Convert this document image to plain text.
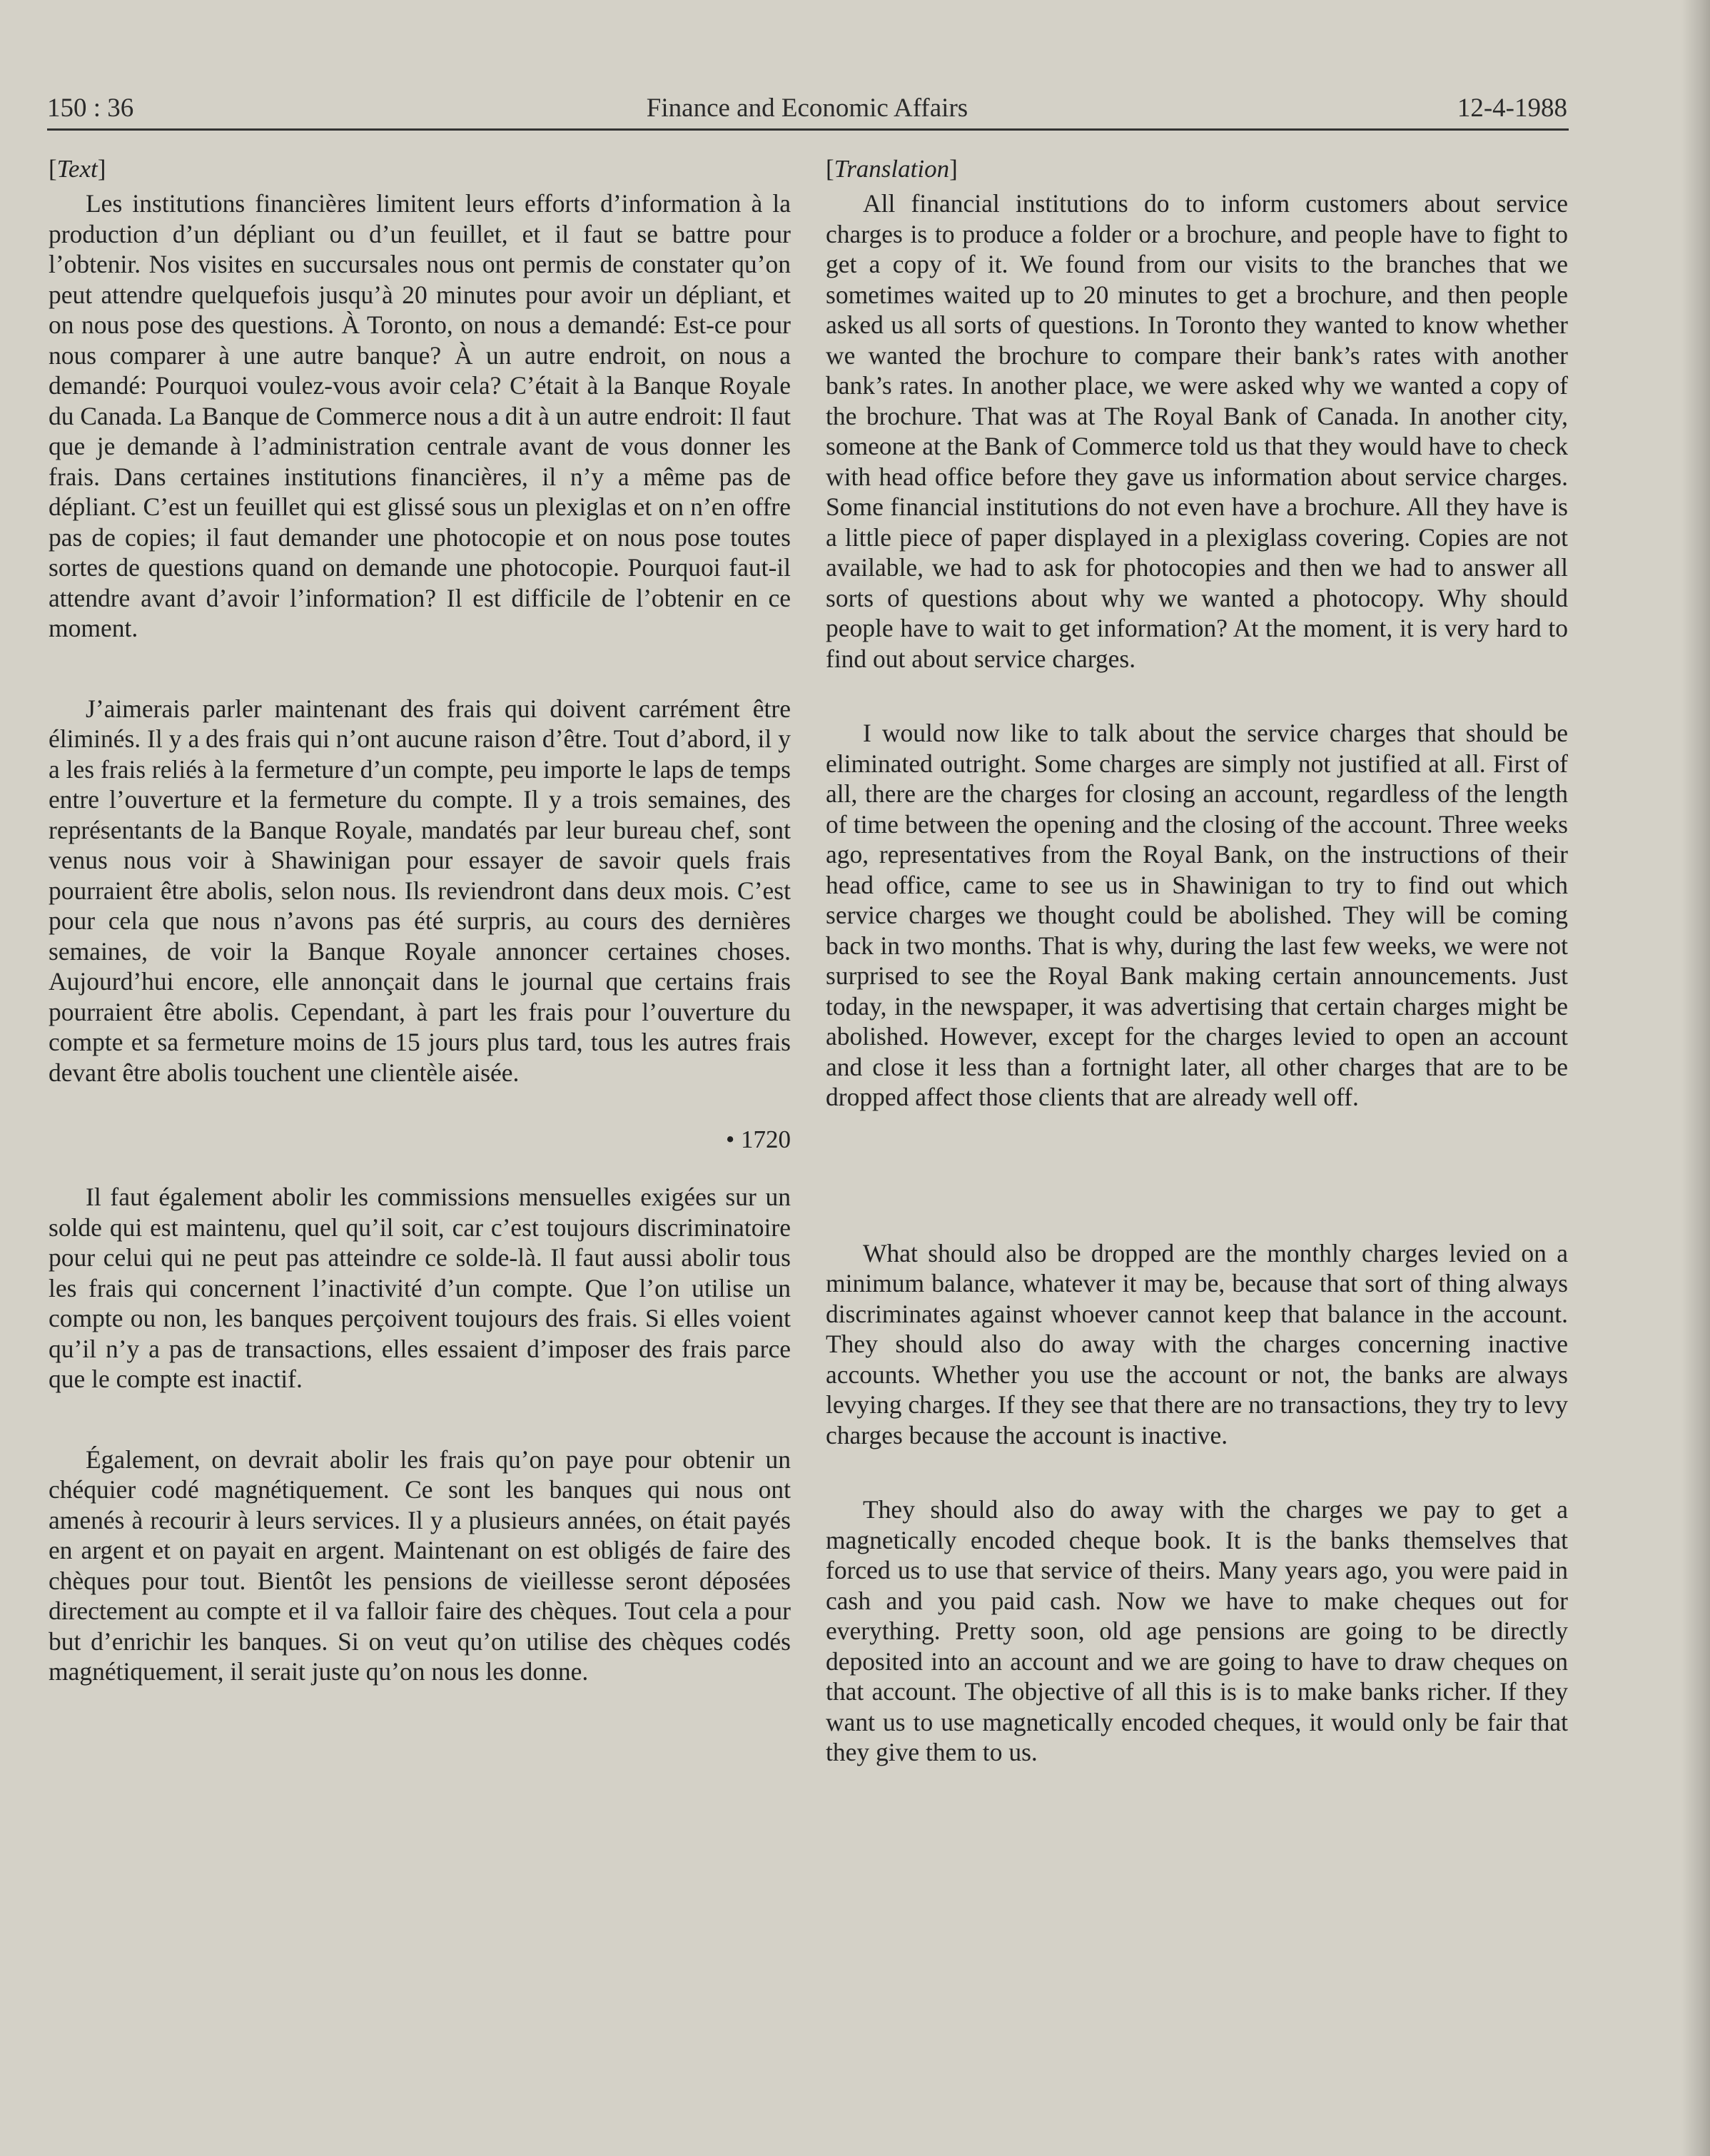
150 : 36	Finance and Economic Affairs	12-4-1988
[Text]

Les institutions financières limitent leurs efforts d’information à la production d’un dépliant ou d’un feuillet, et il faut se battre pour l’obtenir. Nos visites en succursales nous ont permis de constater qu’on peut attendre quelquefois jusqu’à 20 minutes pour avoir un dépliant, et on nous pose des questions. À Toronto, on nous a demandé: Est-ce pour nous comparer à une autre banque? À un autre endroit, on nous a demandé: Pourquoi voulez-vous avoir cela? C’était à la Banque Royale du Canada. La Banque de Commerce nous a dit à un autre endroit: Il faut que je demande à l’administration centrale avant de vous donner les frais. Dans certaines institutions financières, il n’y a même pas de dépliant. C’est un feuillet qui est glissé sous un plexiglas et on n’en offre pas de copies; il faut demander une photocopie et on nous pose toutes sortes de questions quand on demande une photocopie. Pourquoi faut-il attendre avant d’avoir l’information? Il est difficile de l’obtenir en ce moment.

J’aimerais parler maintenant des frais qui doivent carrément être éliminés. Il y a des frais qui n’ont aucune raison d’être. Tout d’abord, il y a les frais reliés à la fermeture d’un compte, peu importe le laps de temps entre l’ouverture et la fermeture du compte. Il y a trois semaines, des représentants de la Banque Royale, mandatés par leur bureau chef, sont venus nous voir à Shawinigan pour essayer de savoir quels frais pourraient être abolis, selon nous. Ils reviendront dans deux mois. C’est pour cela que nous n’avons pas été surpris, au cours des dernières semaines, de voir la Banque Royale annoncer certaines choses. Aujourd’hui encore, elle annonçait dans le journal que certains frais pourraient être abolis. Cependant, à part les frais pour l’ouverture du compte et sa fermeture moins de 15 jours plus tard, tous les autres frais devant être abolis touchent une clientèle aisée.

• 1720

Il faut également abolir les commissions mensuelles exigées sur un solde qui est maintenu, quel qu’il soit, car c’est toujours discriminatoire pour celui qui ne peut pas atteindre ce solde-là. Il faut aussi abolir tous les frais qui concernent l’inactivité d’un compte. Que l’on utilise un compte ou non, les banques perçoivent toujours des frais. Si elles voient qu’il n’y a pas de transactions, elles essaient d’imposer des frais parce que le compte est inactif.

Également, on devrait abolir les frais qu’on paye pour obtenir un chéquier codé magnétiquement. Ce sont les banques qui nous ont amenés à recourir à leurs services. Il y a plusieurs années, on était payés en argent et on payait en argent. Maintenant on est obligés de faire des chèques pour tout. Bientôt les pensions de vieillesse seront déposées directement au compte et il va falloir faire des chèques. Tout cela a pour but d’enrichir les banques. Si on veut qu’on utilise des chèques codés magnétiquement, il serait juste qu’on nous les donne.

[Translation]

All financial institutions do to inform customers about service charges is to produce a folder or a brochure, and people have to fight to get a copy of it. We found from our visits to the branches that we sometimes waited up to 20 minutes to get a brochure, and then people asked us all sorts of questions. In Toronto they wanted to know whether we wanted the brochure to compare their bank’s rates with another bank’s rates. In another place, we were asked why we wanted a copy of the brochure. That was at The Royal Bank of Canada. In another city, someone at the Bank of Commerce told us that they would have to check with head office before they gave us information about service charges. Some financial institutions do not even have a brochure. All they have is a little piece of paper displayed in a plexiglass covering. Copies are not available, we had to ask for photocopies and then we had to answer all sorts of questions about why we wanted a photocopy. Why should people have to wait to get information? At the moment, it is very hard to find out about service charges.

I would now like to talk about the service charges that should be eliminated outright. Some charges are simply not justified at all. First of all, there are the charges for closing an account, regardless of the length of time between the opening and the closing of the account. Three weeks ago, representatives from the Royal Bank, on the instructions of their head office, came to see us in Shawinigan to try to find out which service charges we thought could be abolished. They will be coming back in two months. That is why, during the last few weeks, we were not surprised to see the Royal Bank making certain announcements. Just today, in the newspaper, it was advertising that certain charges might be abolished. However, except for the charges levied to open an account and close it less than a fortnight later, all other charges that are to be dropped affect those clients that are already well off.

What should also be dropped are the monthly charges levied on a minimum balance, whatever it may be, because that sort of thing always discriminates against whoever cannot keep that balance in the account. They should also do away with the charges concerning inactive accounts. Whether you use the account or not, the banks are always levying charges. If they see that there are no transactions, they try to levy charges because the account is inactive.

They should also do away with the charges we pay to get a magnetically encoded cheque book. It is the banks themselves that forced us to use that service of theirs. Many years ago, you were paid in cash and you paid cash. Now we have to make cheques out for everything. Pretty soon, old age pensions are going to be directly deposited into an account and we are going to have to draw cheques on that account. The objective of all this is is to make banks richer. If they want us to use magnetically encoded cheques, it would only be fair that they give them to us.
